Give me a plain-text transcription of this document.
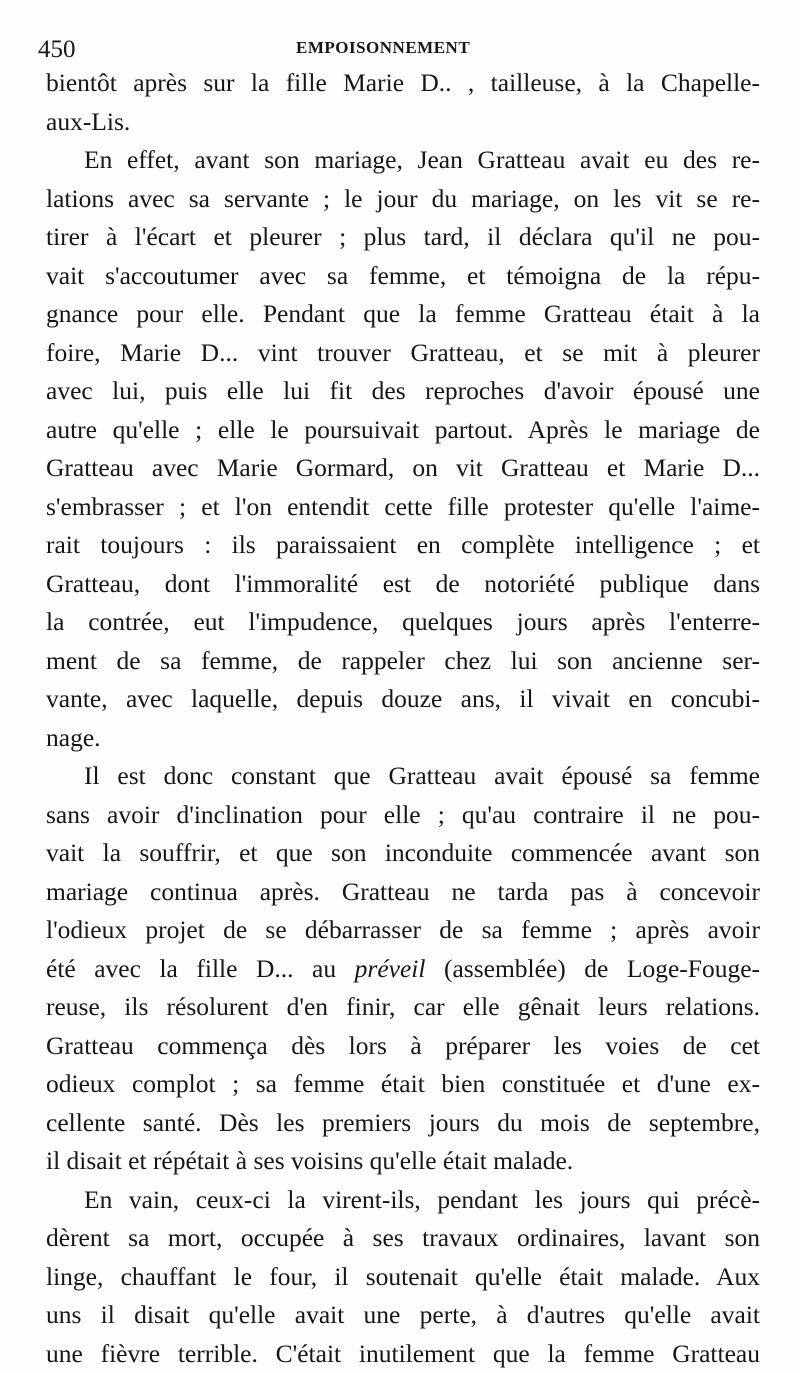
450	EMPOISONNEMENT
bientôt après sur la fille Marie D.. , tailleuse, à la Chapelle-
aux-Lis.
En effet, avant son mariage, Jean Gratteau avait eu des re-
lations avec sa servante ; le jour du mariage, on les vit se re-
tirer à l'écart et pleurer ; plus tard, il déclara qu'il ne pou-
vait s'accoutumer avec sa femme, et témoigna de la répu-
gnance pour elle. Pendant que la femme Gratteau était à la
foire, Marie D... vint trouver Gratteau, et se mit à pleurer
avec lui, puis elle lui fit des reproches d'avoir épousé une
autre qu'elle ; elle le poursuivait partout. Après le mariage de
Gratteau avec Marie Gormard, on vit Gratteau et Marie D...
s'embrasser ; et l'on entendit cette fille protester qu'elle l'aime-
rait toujours : ils paraissaient en complète intelligence ; et
Gratteau, dont l'immoralité est de notoriété publique dans
la contrée, eut l'impudence, quelques jours après l'enterre-
ment de sa femme, de rappeler chez lui son ancienne ser-
vante, avec laquelle, depuis douze ans, il vivait en concubi-
nage.
Il est donc constant que Gratteau avait épousé sa femme
sans avoir d'inclination pour elle ; qu'au contraire il ne pou-
vait la souffrir, et que son inconduite commencée avant son
mariage continua après. Gratteau ne tarda pas à concevoir
l'odieux projet de se débarrasser de sa femme ; après avoir
été avec la fille D... au préveil (assemblée) de Loge-Fouge-
reuse, ils résolurent d'en finir, car elle gênait leurs relations.
Gratteau commença dès lors à préparer les voies de cet
odieux complot ; sa femme était bien constituée et d'une ex-
cellente santé. Dès les premiers jours du mois de septembre,
il disait et répétait à ses voisins qu'elle était malade.
En vain, ceux-ci la virent-ils, pendant les jours qui précè-
dèrent sa mort, occupée à ses travaux ordinaires, lavant son
linge, chauffant le four, il soutenait qu'elle était malade. Aux
uns il disait qu'elle avait une perte, à d'autres qu'elle avait
une fièvre terrible. C'était inutilement que la femme Gratteau
